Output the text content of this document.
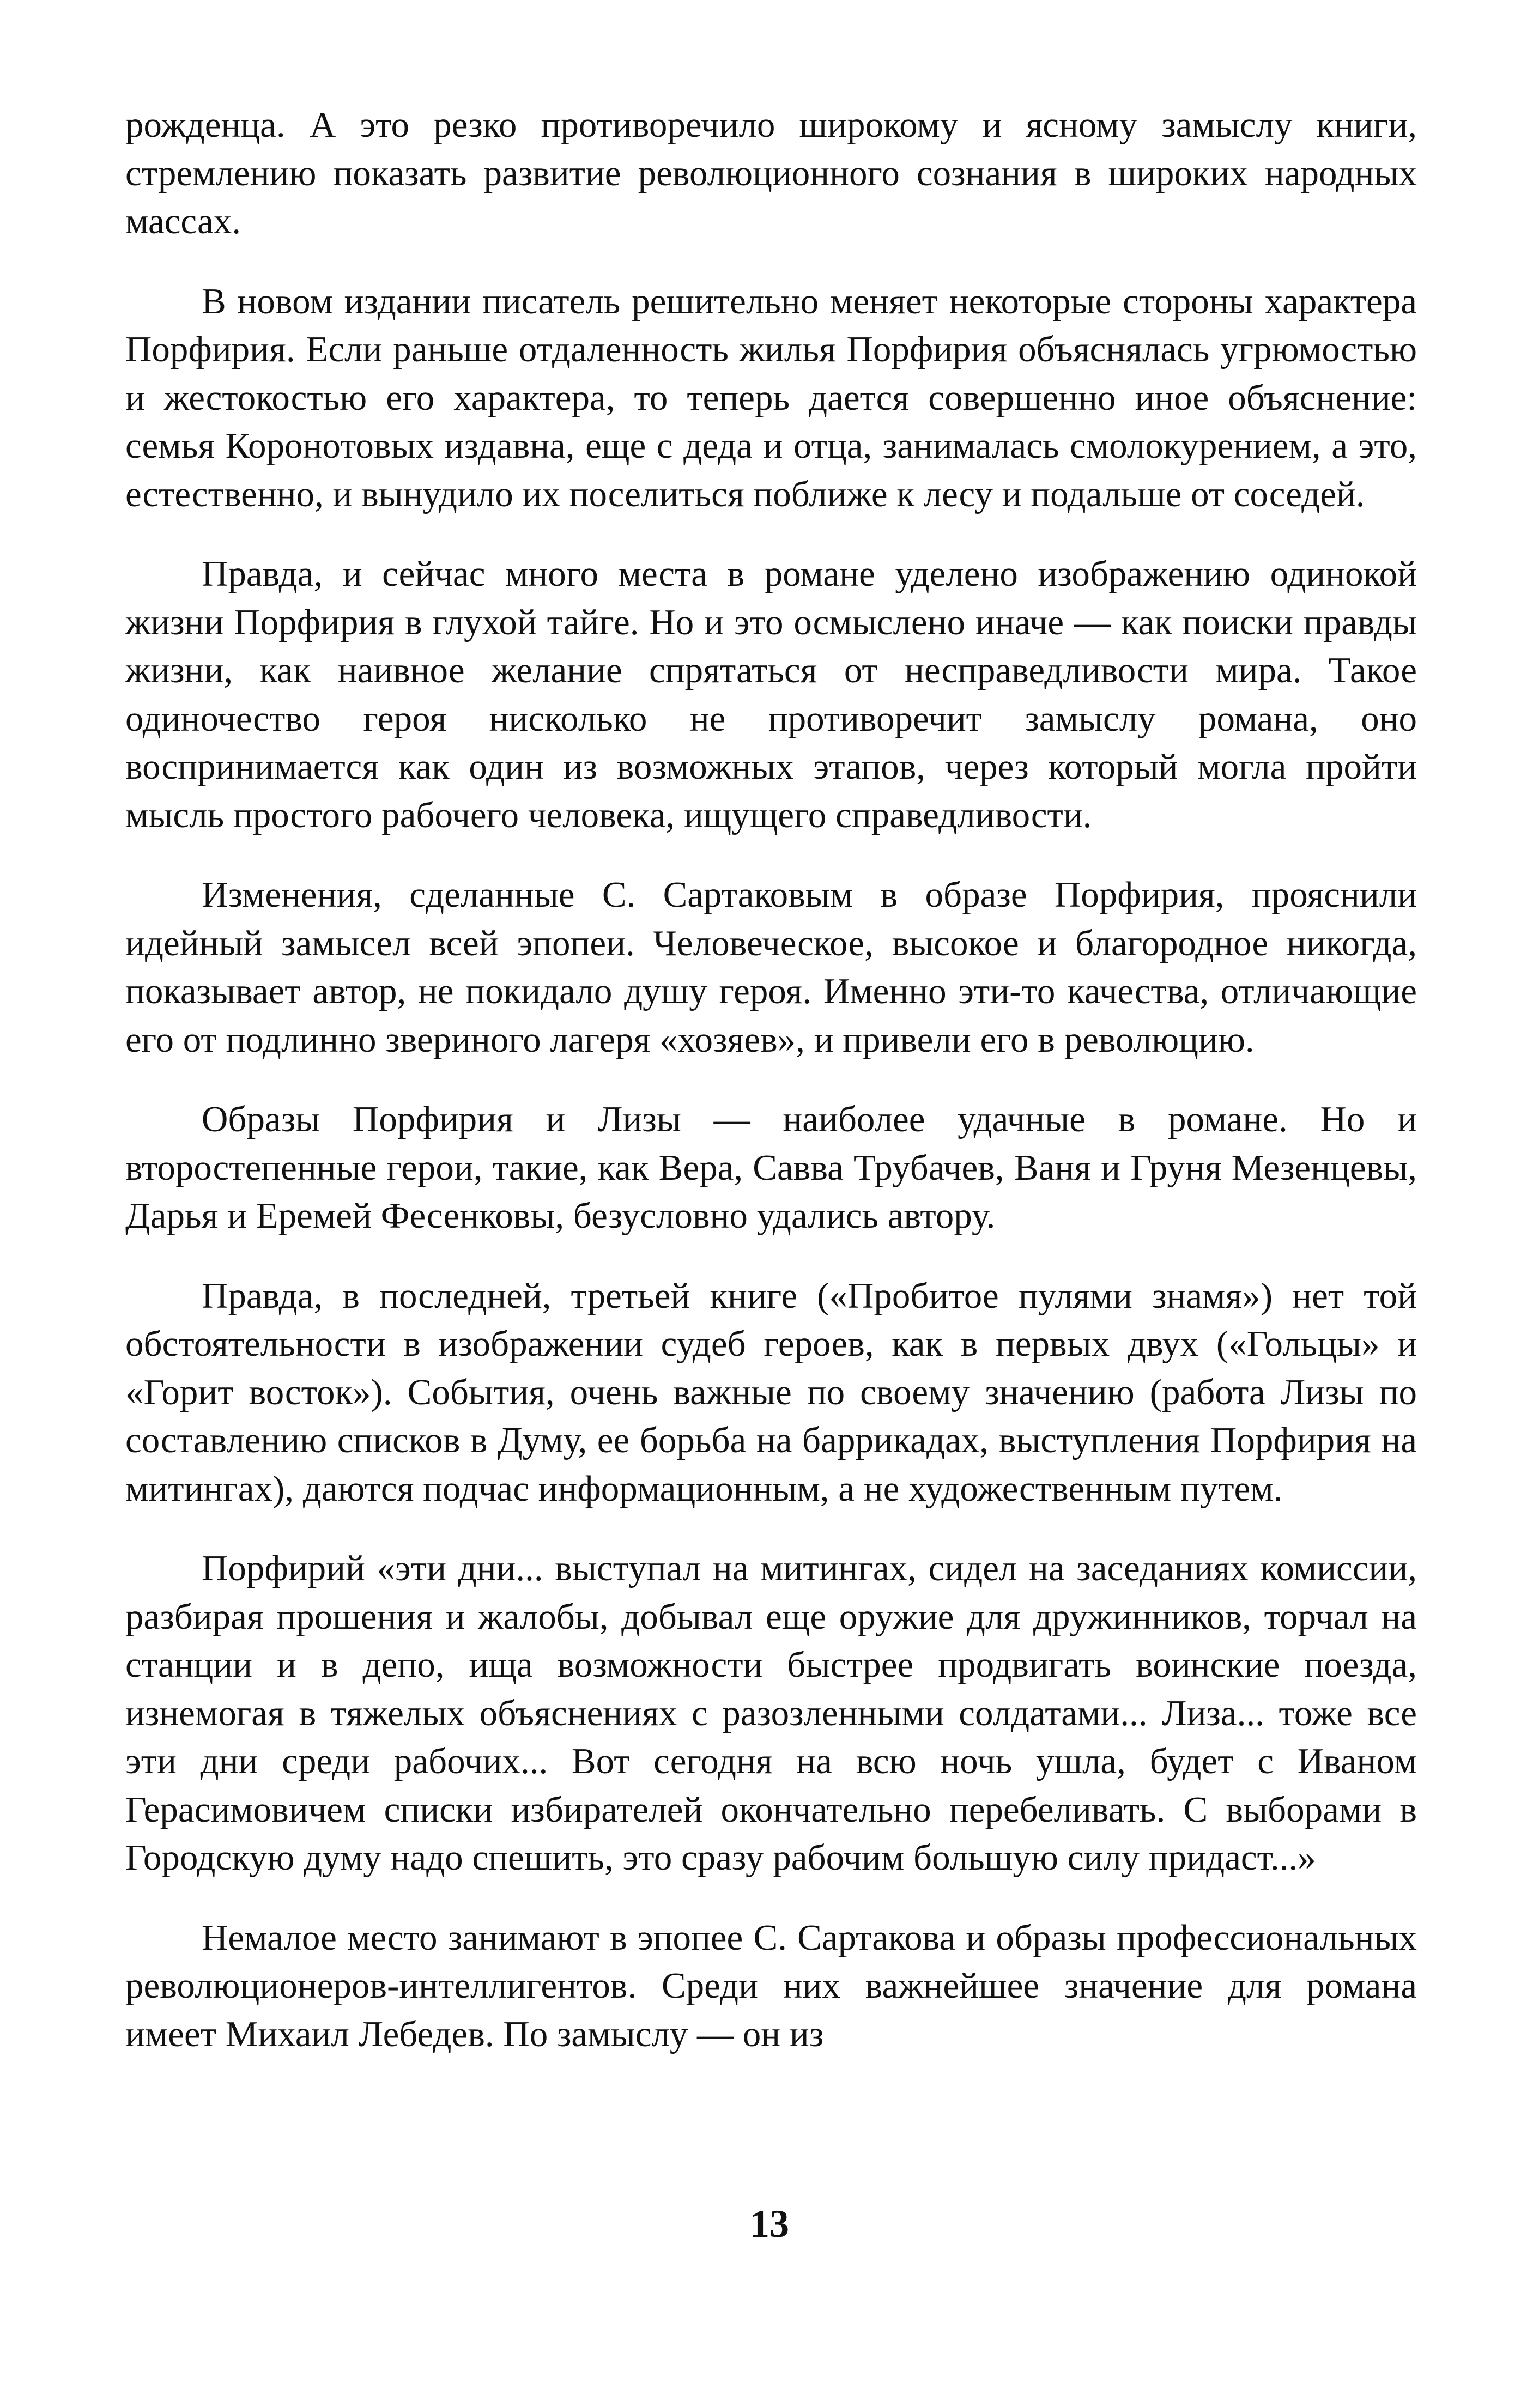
рожденца. А это резко противоречило широкому и ясному замыслу книги, стремлению показать развитие революционного сознания в широких народных массах.

В новом издании писатель решительно меняет некоторые стороны характера Порфирия. Если раньше отдаленность жилья Порфирия объяснялась угрюмостью и жестокостью его характера, то теперь дается совершенно иное объяснение: семья Коронотовых издавна, еще с деда и отца, занималась смолокурением, а это, естественно, и вынудило их поселиться поближе к лесу и подальше от соседей.

Правда, и сейчас много места в романе уделено изображению одинокой жизни Порфирия в глухой тайге. Но и это осмыслено иначе — как поиски правды жизни, как наивное желание спрятаться от несправедливости мира. Такое одиночество героя нисколько не противоречит замыслу романа, оно воспринимается как один из возможных этапов, через который могла пройти мысль простого рабочего человека, ищущего справедливости.

Изменения, сделанные С. Сартаковым в образе Порфирия, прояснили идейный замысел всей эпопеи. Человеческое, высокое и благородное никогда, показывает автор, не покидало душу героя. Именно эти-то качества, отличающие его от подлинно звериного лагеря «хозяев», и привели его в революцию.

Образы Порфирия и Лизы — наиболее удачные в романе. Но и второстепенные герои, такие, как Вера, Савва Трубачев, Ваня и Груня Мезенцевы, Дарья и Еремей Фесенковы, безусловно удались автору.

Правда, в последней, третьей книге («Пробитое пулями знамя») нет той обстоятельности в изображении судеб героев, как в первых двух («Гольцы» и «Горит восток»). События, очень важные по своему значению (работа Лизы по составлению списков в Думу, ее борьба на баррикадах, выступления Порфирия на митингах), даются подчас информационным, а не художественным путем.

Порфирий «эти дни... выступал на митингах, сидел на заседаниях комиссии, разбирая прошения и жалобы, добывал еще оружие для дружинников, торчал на станции и в депо, ища возможности быстрее продвигать воинские поезда, изнемогая в тяжелых объяснениях с разозленными солдатами... Лиза... тоже все эти дни среди рабочих... Вот сегодня на всю ночь ушла, будет с Иваном Герасимовичем списки избирателей окончательно перебеливать. С выборами в Городскую думу надо спешить, это сразу рабочим большую силу придаст...»

Немалое место занимают в эпопее С. Сартакова и образы профессиональных революционеров-интеллигентов. Среди них важнейшее значение для романа имеет Михаил Лебедев. По замыслу — он из

13
